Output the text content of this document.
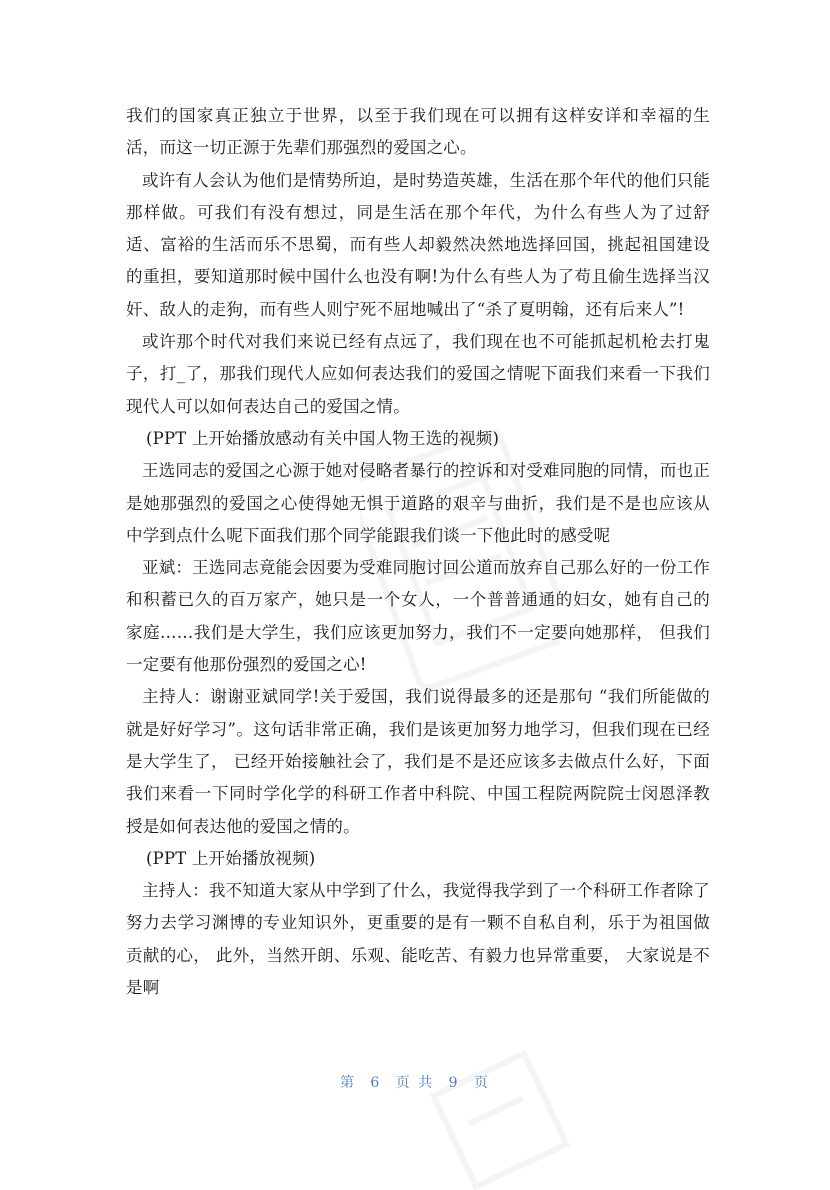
我们的国家真正独立于世界，以至于我们现在可以拥有这样安详和幸福的生活，而这一切正源于先辈们那强烈的爱国之心。

或许有人会认为他们是情势所迫，是时势造英雄，生活在那个年代的他们只能那样做。可我们有没有想过，同是生活在那个年代，为什么有些人为了过舒适、富裕的生活而乐不思蜀，而有些人却毅然决然地选择回国，挑起祖国建设的重担，要知道那时候中国什么也没有啊!为什么有些人为了苟且偷生选择当汉奸、敌人的走狗，而有些人则宁死不屈地喊出了“杀了夏明翰，还有后来人”!

或许那个时代对我们来说已经有点远了，我们现在也不可能抓起机枪去打鬼子，打_了，那我们现代人应如何表达我们的爱国之情呢下面我们来看一下我们现代人可以如何表达自己的爱国之情。

(PPT 上开始播放感动有关中国人物王选的视频)

王选同志的爱国之心源于她对侵略者暴行的控诉和对受难同胞的同情，而也正是她那强烈的爱国之心使得她无惧于道路的艰辛与曲折，我们是不是也应该从中学到点什么呢下面我们那个同学能跟我们谈一下他此时的感受呢

亚斌：王选同志竟能会因要为受难同胞讨回公道而放弃自己那么好的一份工作和积蓄已久的百万家产，她只是一个女人，一个普普通通的妇女，她有自己的家庭……我们是大学生，我们应该更加努力，我们不一定要向她那样， 但我们一定要有他那份强烈的爱国之心!

主持人：谢谢亚斌同学!关于爱国，我们说得最多的还是那句 “我们所能做的就是好好学习”。这句话非常正确，我们是该更加努力地学习，但我们现在已经是大学生了， 已经开始接触社会了，我们是不是还应该多去做点什么好，下面我们来看一下同时学化学的科研工作者中科院、中国工程院两院院士闵恩泽教授是如何表达他的爱国之情的。

(PPT 上开始播放视频)

主持人：我不知道大家从中学到了什么，我觉得我学到了一个科研工作者除了努力去学习渊博的专业知识外，更重要的是有一颗不自私自利，乐于为祖国做贡献的心， 此外，当然开朗、乐观、能吃苦、有毅力也异常重要， 大家说是不是啊

第 6 页 共 9 页
